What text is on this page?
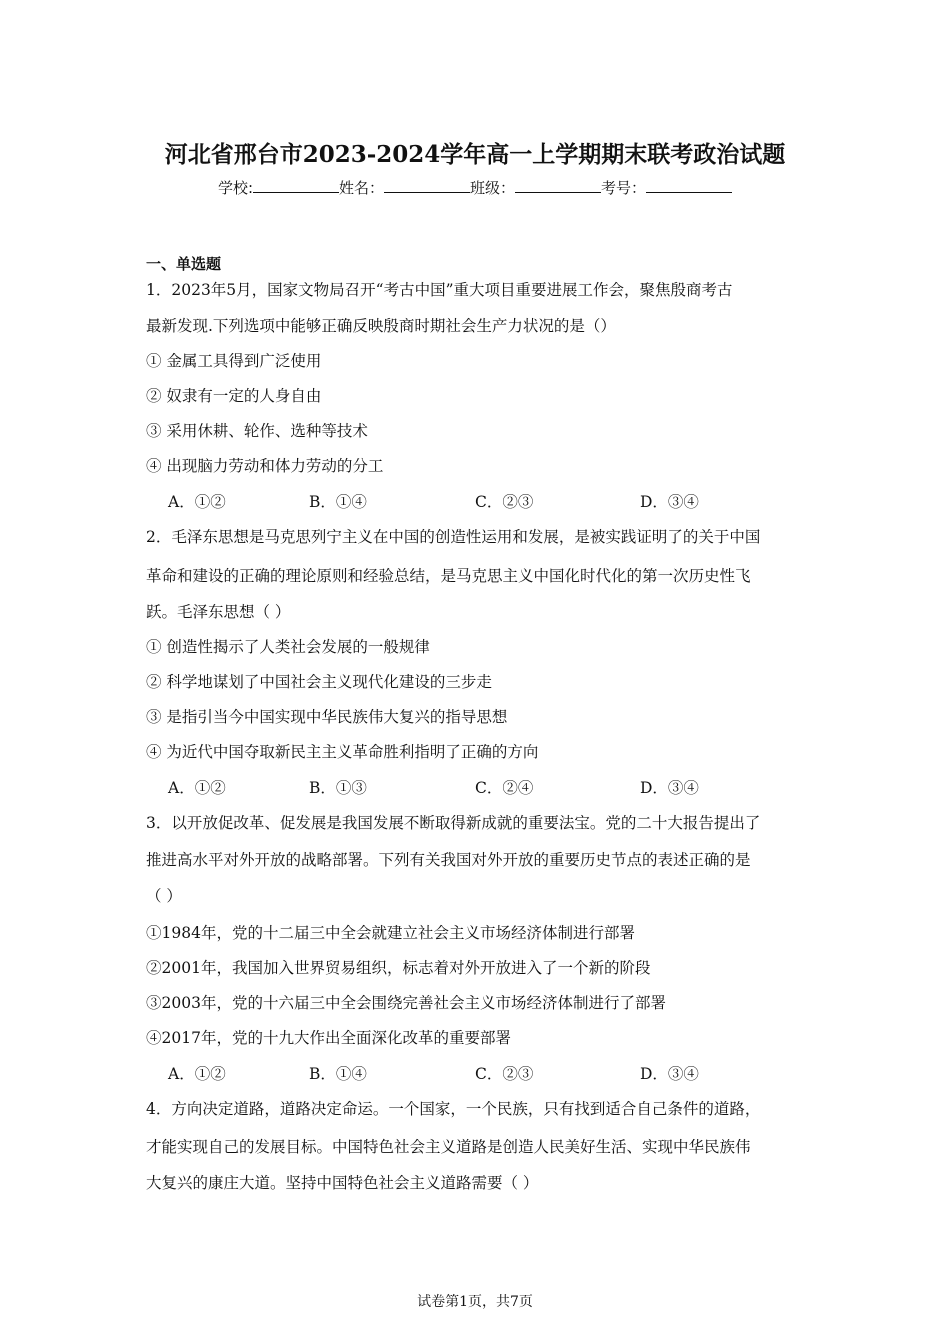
河北省邢台市2023-2024学年高一上学期期末联考政治试题
学校:	姓名：	班级：	考号：
一、单选题
1．2023年5月，国家文物局召开“考古中国”重大项目重要进展工作会，聚焦殷商考古
最新发现.下列选项中能够正确反映殷商时期社会生产力状况的是（）
① 金属工具得到广泛使用
② 奴隶有一定的人身自由
③ 采用休耕、轮作、选种等技术
④ 出现脑力劳动和体力劳动的分工
A．①②	B．①④	C．②③	D．③④
2．毛泽东思想是马克思列宁主义在中国的创造性运用和发展，是被实践证明了的关于中国
革命和建设的正确的理论原则和经验总结，是马克思主义中国化时代化的第一次历史性飞
跃。毛泽东思想（ ）
① 创造性揭示了人类社会发展的一般规律
② 科学地谋划了中国社会主义现代化建设的三步走
③ 是指引当今中国实现中华民族伟大复兴的指导思想
④ 为近代中国夺取新民主主义革命胜利指明了正确的方向
A．①②	B．①③	C．②④	D．③④
3．以开放促改革、促发展是我国发展不断取得新成就的重要法宝。党的二十大报告提出了
推进高水平对外开放的战略部署。下列有关我国对外开放的重要历史节点的表述正确的是
（ ）
①1984年，党的十二届三中全会就建立社会主义市场经济体制进行部署
②2001年，我国加入世界贸易组织，标志着对外开放进入了一个新的阶段
③2003年，党的十六届三中全会围绕完善社会主义市场经济体制进行了部署
④2017年，党的十九大作出全面深化改革的重要部署
A．①②	B．①④	C．②③	D．③④
4．方向决定道路，道路决定命运。一个国家，一个民族，只有找到适合自己条件的道路，
才能实现自己的发展目标。中国特色社会主义道路是创造人民美好生活、实现中华民族伟
大复兴的康庄大道。坚持中国特色社会主义道路需要（ ）
试卷第1页，共7页
